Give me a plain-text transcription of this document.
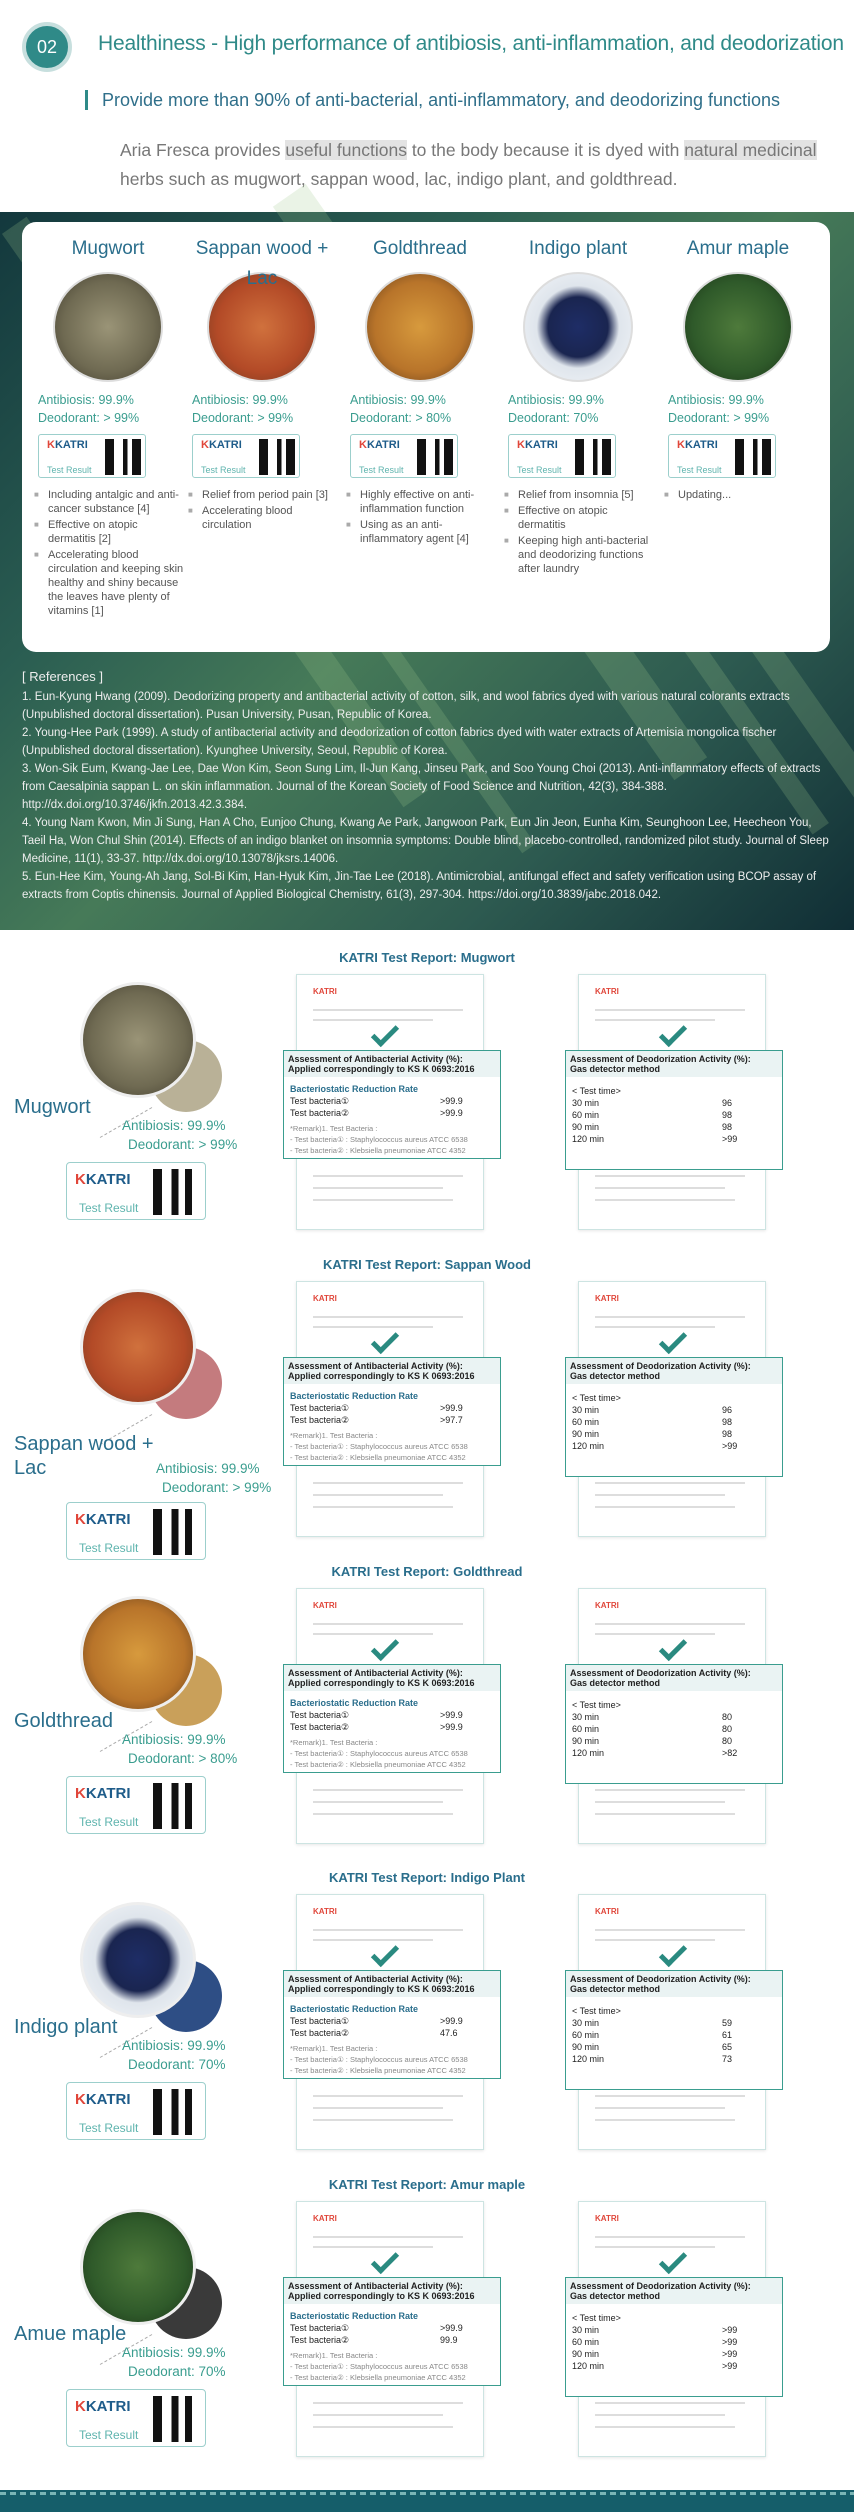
02	Healthiness - High performance of antibiosis, anti-inflammation, and deodorization
Provide more than 90% of anti-bacterial, anti-inflammatory, and deodorizing functions
Aria Fresca provides useful functions to the body because it is dyed with natural medicinal herbs such as mugwort, sappan wood, lac, indigo plant, and goldthread.
Mugwort
Antibiosis: 99.9%
Deodorant: > 99%
KKATRI
Test Result
■ Including antalgic and anti-cancer substance [4]
■ Effective on atopic dermatitis [2]
■ Accelerating blood circulation and keeping skin healthy and shiny because the leaves have plenty of vitamins [1]
Sappan wood + Lac
Antibiosis: 99.9%
Deodorant: > 99%
KKATRI
Test Result
■ Relief from period pain [3]
■ Accelerating blood circulation
Goldthread
Antibiosis: 99.9%
Deodorant: > 80%
KKATRI
Test Result
■ Highly effective on anti-inflammation function
■ Using as an anti-inflammatory agent [4]
Indigo plant
Antibiosis: 99.9%
Deodorant: 70%
KKATRI
Test Result
■ Relief from insomnia [5]
■ Effective on atopic dermatitis
■ Keeping high anti-bacterial and deodorizing functions after laundry
Amur maple
Antibiosis: 99.9%
Deodorant: > 99%
KKATRI
Test Result
■ Updating...
[ References ]
1. Eun-Kyung Hwang (2009). Deodorizing property and antibacterial activity of cotton, silk, and wool fabrics dyed with various natural colorants extracts (Unpublished doctoral dissertation). Pusan University, Pusan, Republic of Korea.
2. Young-Hee Park (1999). A study of antibacterial activity and deodorization of cotton fabrics dyed with water extracts of Artemisia mongolica fischer (Unpublished doctoral dissertation). Kyunghee University, Seoul, Republic of Korea.
3. Won-Sik Eum, Kwang-Jae Lee, Dae Won Kim, Seon Sung Lim, Il-Jun Kang, Jinseu Park, and Soo Young Choi (2013). Anti-inflammatory effects of extracts from Caesalpinia sappan L. on skin inflammation. Journal of the Korean Society of Food Science and Nutrition, 42(3), 384-388. http://dx.doi.org/10.3746/jkfn.2013.42.3.384.
4. Young Nam Kwon, Min Ji Sung, Han A Cho, Eunjoo Chung, Kwang Ae Park, Jangwoon Park, Eun Jin Jeon, Eunha Kim, Seunghoon Lee, Heecheon You, Taeil Ha, Won Chul Shin (2014). Effects of an indigo blanket on insomnia symptoms: Double blind, placebo-controlled, randomized pilot study. Journal of Sleep Medicine, 11(1), 33-37. http://dx.doi.org/10.13078/jksrs.14006.
5. Eun-Hee Kim, Young-Ah Jang, Sol-Bi Kim, Han-Hyuk Kim, Jin-Tae Lee (2018). Antimicrobial, antifungal effect and safety verification using BCOP assay of extracts from Coptis chinensis. Journal of Applied Biological Chemistry, 61(3), 297-304. https://doi.org/10.3839/jabc.2018.042.
KATRI Test Report: Mugwort
Mugwort
Antibiosis: 99.9%
Deodorant: > 99%
KKATRI
Test Result
KATRI
Assessment of Antibacterial Activity (%):
Applied correspondingly to KS K 0693:2016
Bacteriostatic Reduction Rate
Test bacteria①	>99.9
Test bacteria②	>99.9
*Remark)1. Test Bacteria :
- Test bacteria① : Staphylococcus aureus ATCC 6538
- Test bacteria② : Klebsiella pneumoniae ATCC 4352
KATRI
Assessment of Deodorization Activity (%):
Gas detector method
< Test time>
30 min	96
60 min	98
90 min	98
120 min	>99
KATRI Test Report: Sappan Wood
Sappan wood + Lac	Antibiosis: 99.9%
Deodorant: > 99%
KKATRI
Test Result
KATRI
Assessment of Antibacterial Activity (%):
Applied correspondingly to KS K 0693:2016
Bacteriostatic Reduction Rate
Test bacteria①	>99.9
Test bacteria②	>97.7
*Remark)1. Test Bacteria :
- Test bacteria① : Staphylococcus aureus ATCC 6538
- Test bacteria② : Klebsiella pneumoniae ATCC 4352
KATRI
Assessment of Deodorization Activity (%):
Gas detector method
< Test time>
30 min	96
60 min	98
90 min	98
120 min	>99
KATRI Test Report: Goldthread
Goldthread
Antibiosis: 99.9%
Deodorant: > 80%
KKATRI
Test Result
KATRI
Assessment of Antibacterial Activity (%):
Applied correspondingly to KS K 0693:2016
Bacteriostatic Reduction Rate
Test bacteria①	>99.9
Test bacteria②	>99.9
*Remark)1. Test Bacteria :
- Test bacteria① : Staphylococcus aureus ATCC 6538
- Test bacteria② : Klebsiella pneumoniae ATCC 4352
KATRI
Assessment of Deodorization Activity (%):
Gas detector method
< Test time>
30 min	80
60 min	80
90 min	80
120 min	>82
KATRI Test Report: Indigo Plant
Indigo plant
Antibiosis: 99.9%
Deodorant: 70%
KKATRI
Test Result
KATRI
Assessment of Antibacterial Activity (%):
Applied correspondingly to KS K 0693:2016
Bacteriostatic Reduction Rate
Test bacteria①	>99.9
Test bacteria②	47.6
*Remark)1. Test Bacteria :
- Test bacteria① : Staphylococcus aureus ATCC 6538
- Test bacteria② : Klebsiella pneumoniae ATCC 4352
KATRI
Assessment of Deodorization Activity (%):
Gas detector method
< Test time>
30 min	59
60 min	61
90 min	65
120 min	73
KATRI Test Report: Amur maple
Amue maple
Antibiosis: 99.9%
Deodorant: 70%
KKATRI
Test Result
KATRI
Assessment of Antibacterial Activity (%):
Applied correspondingly to KS K 0693:2016
Bacteriostatic Reduction Rate
Test bacteria①	>99.9
Test bacteria②	99.9
*Remark)1. Test Bacteria :
- Test bacteria① : Staphylococcus aureus ATCC 6538
- Test bacteria② : Klebsiella pneumoniae ATCC 4352
KATRI
Assessment of Deodorization Activity (%):
Gas detector method
< Test time>
30 min	>99
60 min	>99
90 min	>99
120 min	>99
